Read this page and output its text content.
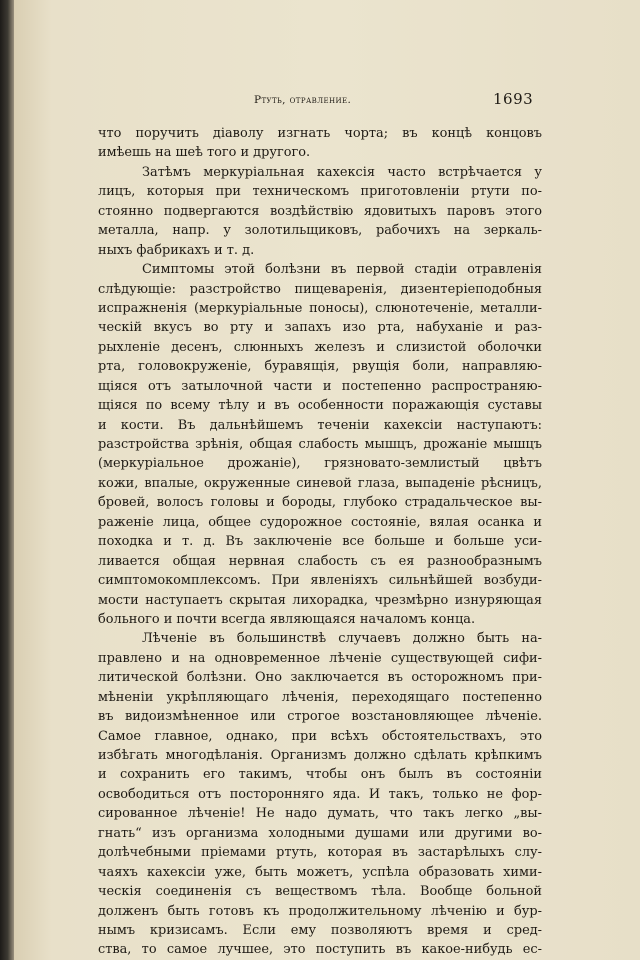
Ртуть, отравление.	1693
что поручить діаволу изгнать чорта; въ концѣ концовъ
имѣешь на шеѣ того и другого.
Затѣмъ меркуріальная кахексія часто встрѣчается у
лицъ, которыя при техническомъ приготовленіи ртути по-
стоянно подвергаются воздѣйствію ядовитыхъ паровъ этого
металла, напр. у золотильщиковъ, рабочихъ на зеркаль-
ныхъ фабрикахъ и т. д.
Симптомы этой болѣзни въ первой стадіи отравленія
слѣдующіе: разстройство пищеваренія, дизентеріеподобныя
испражненія (меркуріальные поносы), слюнотеченіе, металли-
ческій вкусъ во рту и запахъ изо рта, набуханіе и раз-
рыхленіе десенъ, слюнныхъ железъ и слизистой оболочки
рта, головокруженіе, буравящія, рвущія боли, направляю-
щіяся отъ затылочной части и постепенно распространяю-
щіяся по всему тѣлу и въ особенности поражающія суставы
и кости. Въ дальнѣйшемъ теченіи кахексіи наступаютъ:
разстройства зрѣнія, общая слабость мышцъ, дрожаніе мышцъ
(меркуріальное дрожаніе), грязновато-землистый цвѣтъ
кожи, впалые, окруженные синевой глаза, выпаденіе рѣсницъ,
бровей, волосъ головы и бороды, глубоко страдальческое вы-
раженіе лица, общее судорожное состояніе, вялая осанка и
походка и т. д. Въ заключеніе все больше и больше уси-
ливается общая нервная слабость съ ея разнообразнымъ
симптомокомплексомъ. При явленіяхъ сильнѣйшей возбуди-
мости наступаетъ скрытая лихорадка, чрезмѣрно изнуряющая
больного и почти всегда являющаяся началомъ конца.
Лѣченіе въ большинствѣ случаевъ должно быть на-
правлено и на одновременное лѣченіе существующей сифи-
литической болѣзни. Оно заключается въ осторожномъ при-
мѣненіи укрѣпляющаго лѣченія, переходящаго постепенно
въ видоизмѣненное или строгое возстановляющее лѣченіе.
Самое главное, однако, при всѣхъ обстоятельствахъ, это
избѣгать многодѣланія. Организмъ должно сдѣлать крѣпкимъ
и сохранить его такимъ, чтобы онъ былъ въ состояніи
освободиться отъ посторонняго яда. И такъ, только не фор-
сированное лѣченіе! Не надо думать, что такъ легко „вы-
гнать“ изъ организма холодными душами или другими во-
долѣчебными пріемами ртуть, которая въ застарѣлыхъ слу-
чаяхъ кахексіи уже, быть можетъ, успѣла образовать хими-
ческія соединенія съ веществомъ тѣла. Вообще больной
долженъ быть готовъ къ продолжительному лѣченію и бур-
нымъ кризисамъ. Если ему позволяютъ время и сред-
ства, то самое лучшее, это поступить въ какое-нибудь ес-
